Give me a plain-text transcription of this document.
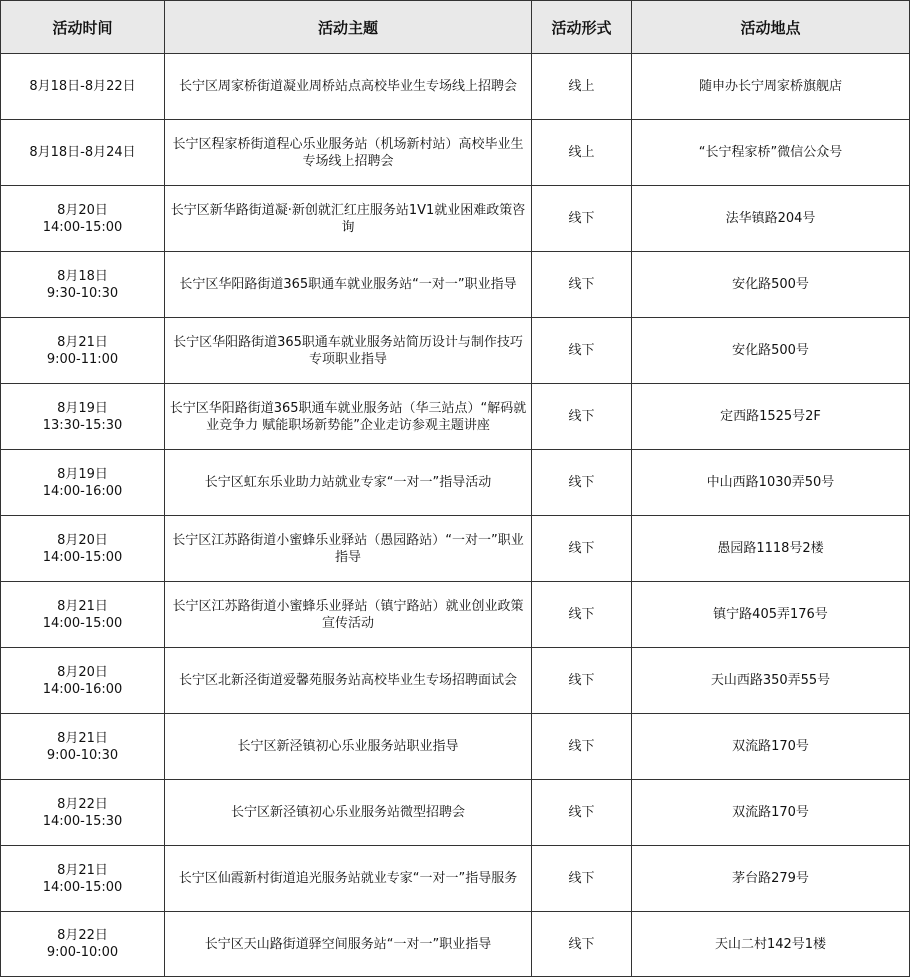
活动时间	活动主题	活动形式	活动地点

8月18日-8月22日	长宁区周家桥街道凝业周桥站点高校毕业生专场线上招聘会	线上	随申办长宁周家桥旗舰店

8月18日-8月24日	长宁区程家桥街道程心乐业服务站（机场新村站）高校毕业生专场线上招聘会	线上	“长宁程家桥”微信公众号

8月20日
14:00-15:00	长宁区新华路街道凝·新创就汇红庄服务站1V1就业困难政策咨询	线下	法华镇路204号

8月18日
9:30-10:30	长宁区华阳路街道365职通车就业服务站“一对一”职业指导	线下	安化路500号

8月21日
9:00-11:00	长宁区华阳路街道365职通车就业服务站简历设计与制作技巧专项职业指导	线下	安化路500号

8月19日
13:30-15:30	长宁区华阳路街道365职通车就业服务站（华三站点）“解码就业竞争力 赋能职场新势能”企业走访参观主题讲座	线下	定西路1525号2F

8月19日
14:00-16:00	长宁区虹东乐业助力站就业专家“一对一”指导活动	线下	中山西路1030弄50号

8月20日
14:00-15:00	长宁区江苏路街道小蜜蜂乐业驿站（愚园路站）“一对一”职业指导	线下	愚园路1118号2楼

8月21日
14:00-15:00	长宁区江苏路街道小蜜蜂乐业驿站（镇宁路站）就业创业政策宣传活动	线下	镇宁路405弄176号

8月20日
14:00-16:00	长宁区北新泾街道爱馨苑服务站高校毕业生专场招聘面试会	线下	天山西路350弄55号

8月21日
9:00-10:30	长宁区新泾镇初心乐业服务站职业指导	线下	双流路170号

8月22日
14:00-15:30	长宁区新泾镇初心乐业服务站微型招聘会	线下	双流路170号

8月21日
14:00-15:00	长宁区仙霞新村街道追光服务站就业专家“一对一”指导服务	线下	茅台路279号

8月22日
9:00-10:00	长宁区天山路街道驿空间服务站“一对一”职业指导	线下	天山二村142号1楼
